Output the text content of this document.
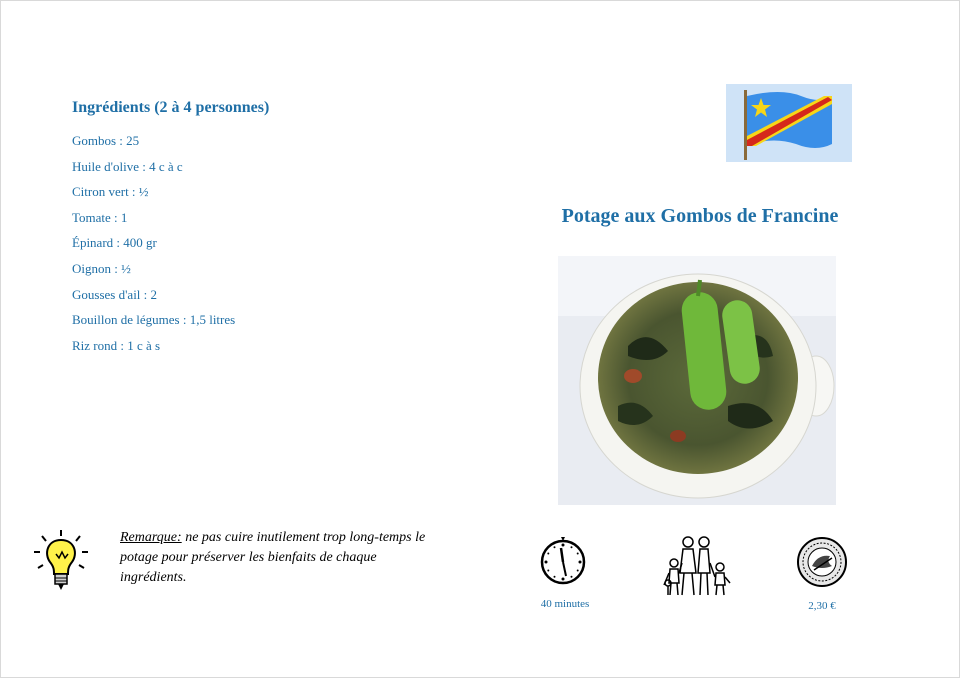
Ingrédients (2 à 4 personnes)
Gombos : 25
Huile d'olive : 4 c à c
Citron vert : ½
Tomate : 1
Épinard : 400 gr
Oignon : ½
Gousses d'ail : 2
Bouillon de légumes : 1,5 litres
Riz rond : 1 c à s
Potage aux Gombos de Francine

Remarque: ne pas cuire inutilement trop long-temps le potage pour préserver les bienfaits de chaque ingrédients.

40 minutes	2,30 €
